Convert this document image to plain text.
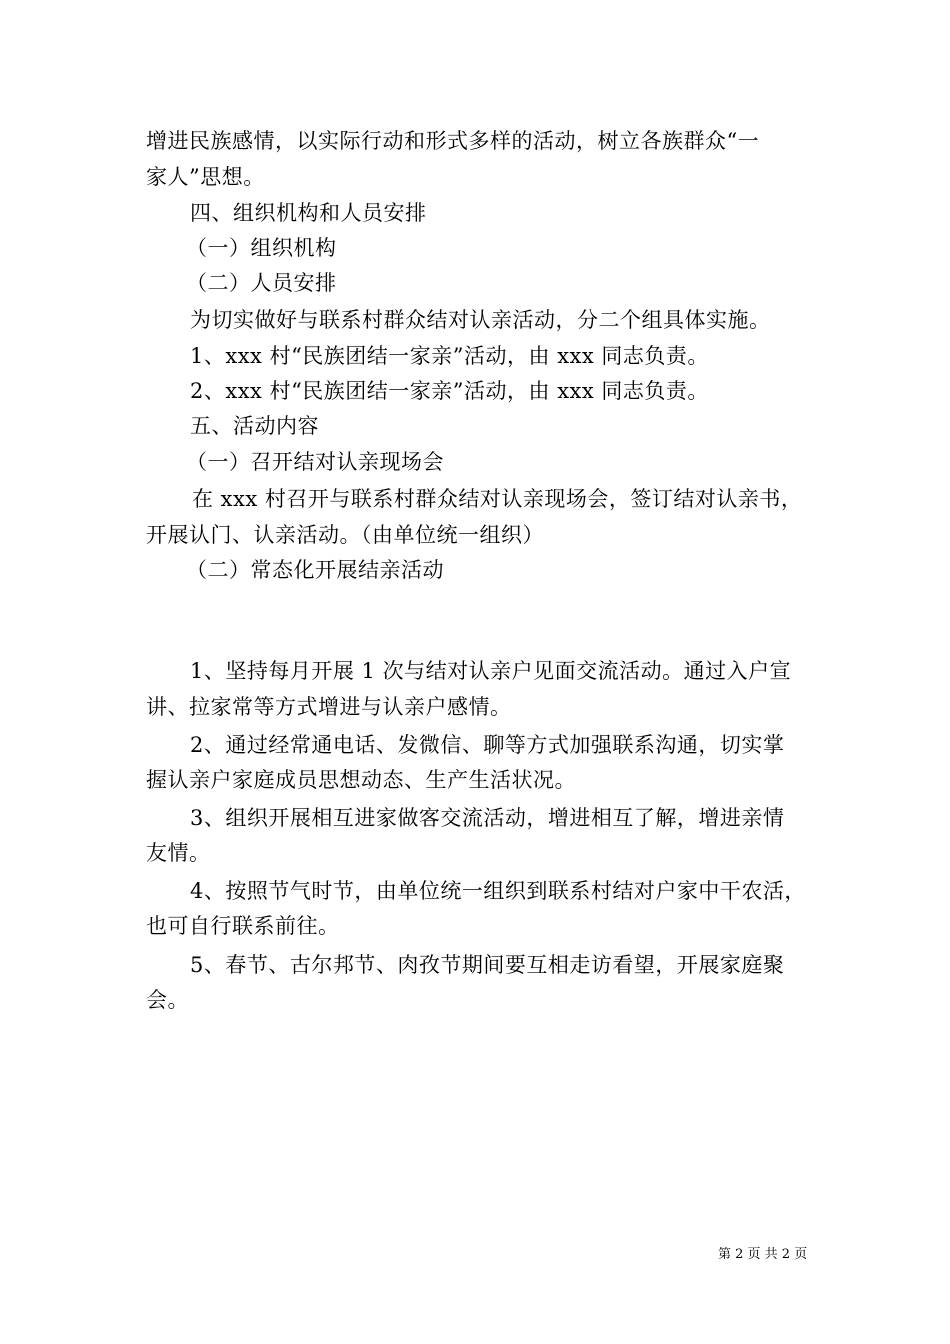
增进民族感情，以实际行动和形式多样的活动，树立各族群众“一
家人”思想。
四、组织机构和人员安排
（一）组织机构
（二）人员安排
为切实做好与联系村群众结对认亲活动，分二个组具体实施。
1、xxx 村“民族团结一家亲”活动，由 xxx 同志负责。
2、xxx 村“民族团结一家亲”活动，由 xxx 同志负责。
五、活动内容
（一）召开结对认亲现场会
在 xxx 村召开与联系村群众结对认亲现场会，签订结对认亲书，
开展认门、认亲活动。（由单位统一组织）
（二）常态化开展结亲活动
1、坚持每月开展 1 次与结对认亲户见面交流活动。通过入户宣
讲、拉家常等方式增进与认亲户感情。
2、通过经常通电话、发微信、聊等方式加强联系沟通，切实掌
握认亲户家庭成员思想动态、生产生活状况。
3、组织开展相互进家做客交流活动，增进相互了解，增进亲情
友情。
4、按照节气时节，由单位统一组织到联系村结对户家中干农活，
也可自行联系前往。
5、春节、古尔邦节、肉孜节期间要互相走访看望，开展家庭聚
会。
第 2 页 共 2 页
